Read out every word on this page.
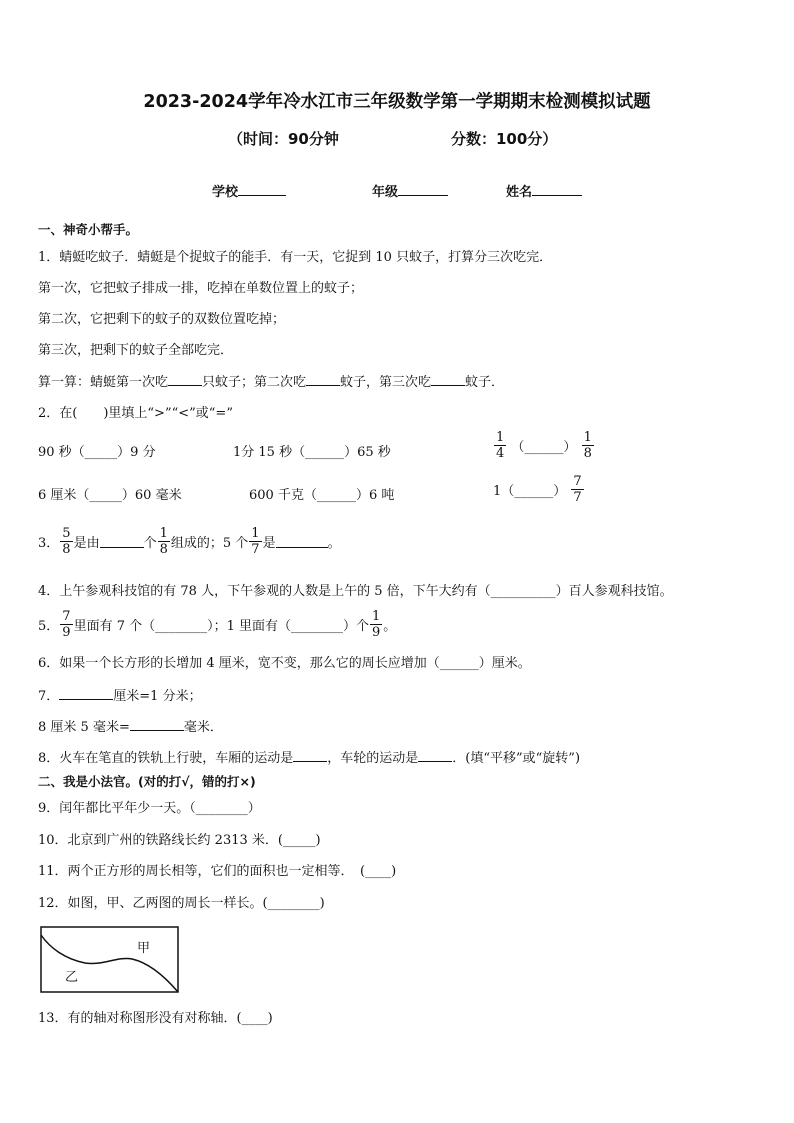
2023-2024学年冷水江市三年级数学第一学期期末检测模拟试题
（时间：90分钟	分数：100分）
学校	年级	姓名
一、神奇小帮手。
1．蜻蜓吃蚊子．蜻蜓是个捉蚊子的能手．有一天，它捉到 10 只蚊子，打算分三次吃完．
第一次，它把蚊子排成一排，吃掉在单数位置上的蚊子；
第二次，它把剩下的蚊子的双数位置吃掉；
第三次，把剩下的蚊子全部吃完．
算一算：蜻蜓第一次吃	只蚊子；第二次吃	蚊子，第三次吃	蚊子．
2．在(　　)里填上“>”“<”或“=”
90 秒（_____）9 分	1分 15 秒（______）65 秒	$\frac{1}{4}$ （______） $\frac{1}{8}$
6 厘米（_____）60 毫米	600 千克（______）6 吨	1（______） $\frac{7}{7}$
3． $\frac{5}{8}$ 是由	个 $\frac{1}{8}$ 组成的；5 个 $\frac{1}{7}$ 是	。
4．上午参观科技馆的有 78 人，下午参观的人数是上午的 5 倍，下午大约有（__________）百人参观科技馆。
5． $\frac{7}{9}$ 里面有 7 个（________）；1 里面有（________）个 $\frac{1}{9}$ 。
6．如果一个长方形的长增加 4 厘米，宽不变，那么它的周长应增加（______）厘米。
7．	厘米=1 分米；
8 厘米 5 毫米=	毫米．
8．火车在笔直的铁轨上行驶，车厢的运动是	，车轮的运动是	．(填“平移”或“旋转”)
二、我是小法官。(对的打√，错的打×)
9．闰年都比平年少一天。（________）
10．北京到广州的铁路线长约 2313 米．(_____)
11．两个正方形的周长相等，它们的面积也一定相等．　(____)
12．如图，甲、乙两图的周长一样长。(________)
甲
乙
13．有的轴对称图形没有对称轴．(____)
